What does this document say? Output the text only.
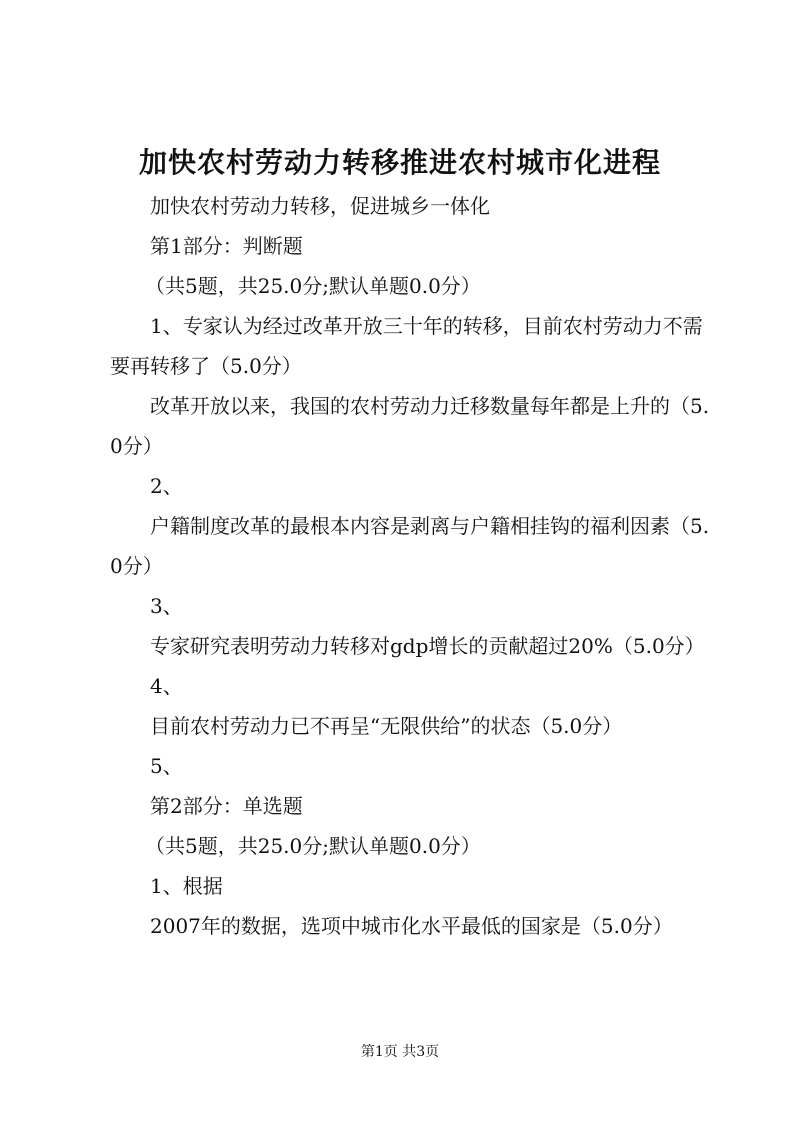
加快农村劳动力转移推进农村城市化进程

加快农村劳动力转移，促进城乡一体化

第1部分：判断题

（共5题，共25.0分;默认单题0.0分）

1、专家认为经过改革开放三十年的转移，目前农村劳动力不需要再转移了（5.0分）

改革开放以来，我国的农村劳动力迁移数量每年都是上升的（5.0分）

2、

户籍制度改革的最根本内容是剥离与户籍相挂钩的福利因素（5.0分）

3、

专家研究表明劳动力转移对gdp增长的贡献超过20%（5.0分）

4、

目前农村劳动力已不再呈“无限供给”的状态（5.0分）

5、

第2部分：单选题

（共5题，共25.0分;默认单题0.0分）

1、根据

2007年的数据，选项中城市化水平最低的国家是（5.0分）

第1页 共3页
